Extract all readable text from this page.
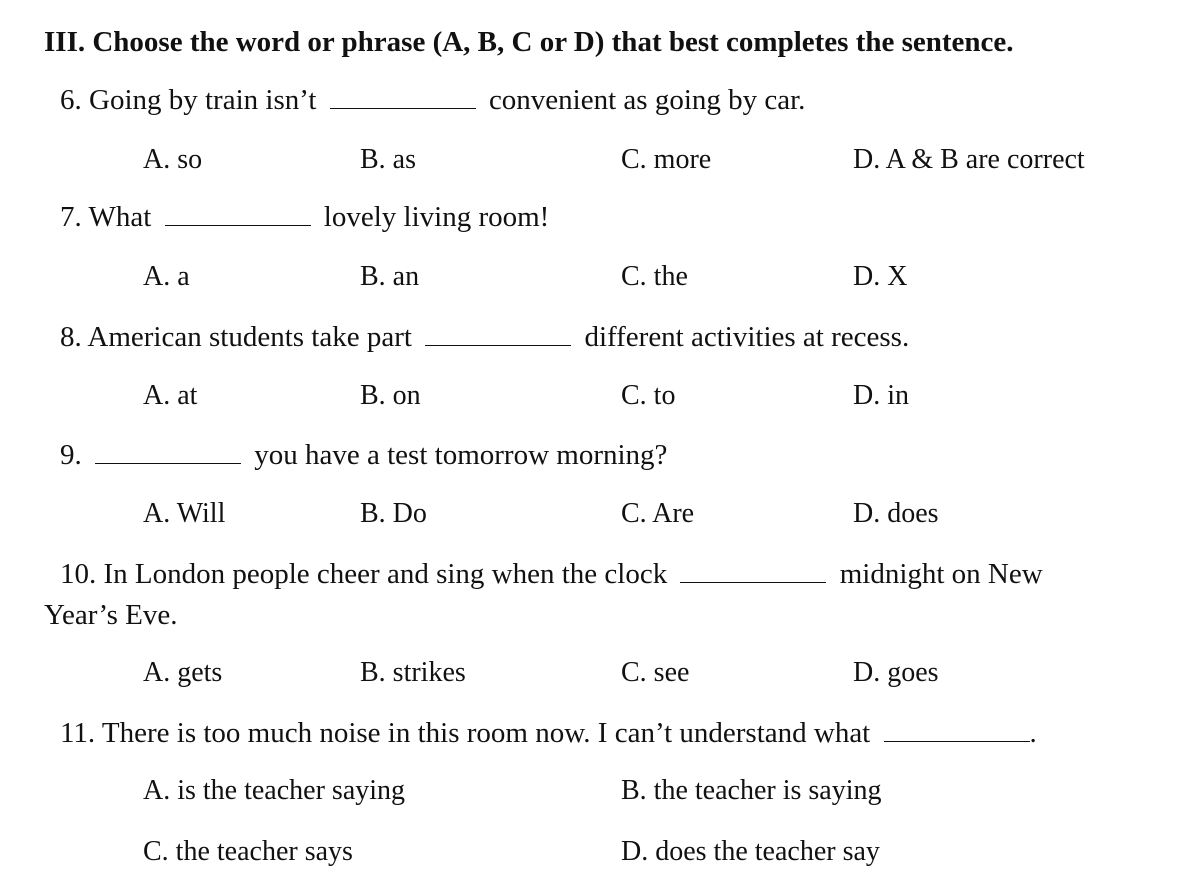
III. Choose the word or phrase (A, B, C or D) that best completes the sentence.
6. Going by train isn’t	convenient as going by car.
A. so	B. as	C. more	D. A & B are correct
7. What	lovely living room!
A. a	B. an	C. the	D. X
8. American students take part	different activities at recess.
A. at	B. on	C. to	D. in
9.	you have a test tomorrow morning?
A. Will	B. Do	C. Are	D. does
10. In London people cheer and sing when the clock	midnight on New
Year’s Eve.
A. gets	B. strikes	C. see	D. goes
11. There is too much noise in this room now. I can’t understand what	.
A. is the teacher saying	B. the teacher is saying
C. the teacher says	D. does the teacher say
